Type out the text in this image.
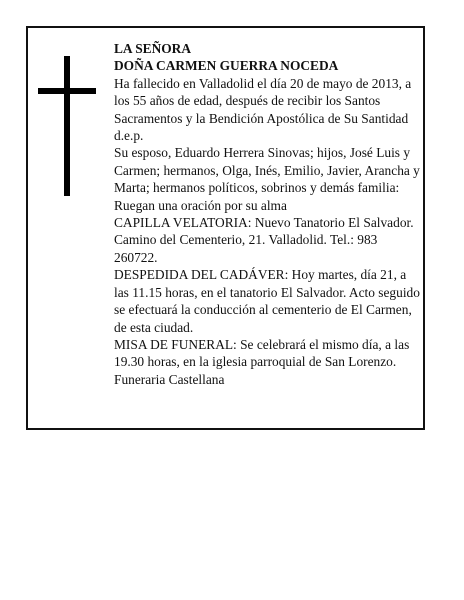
LA SEÑORA

DOÑA CARMEN GUERRA NOCEDA

Ha fallecido en Valladolid el día 20 de mayo de 2013, a los 55 años de edad, después de recibir los Santos Sacramentos y la Bendición Apostólica de Su Santidad d.e.p.

Su esposo, Eduardo Herrera Sinovas; hijos, José Luis y Carmen; hermanos, Olga, Inés, Emilio, Javier, Arancha y Marta; hermanos políticos, sobrinos y demás familia:

Ruegan una oración por su alma

CAPILLA VELATORIA: Nuevo Tanatorio El Salvador. Camino del Cementerio, 21. Valladolid. Tel.: 983 260722.

DESPEDIDA DEL CADÁVER: Hoy martes, día 21, a las 11.15 horas, en el tanatorio El Salvador. Acto seguido se efectuará la conducción al cementerio de El Carmen, de esta ciudad.

MISA DE FUNERAL: Se celebrará el mismo día, a las 19.30 horas, en la iglesia parroquial de San Lorenzo.

Funeraria Castellana
